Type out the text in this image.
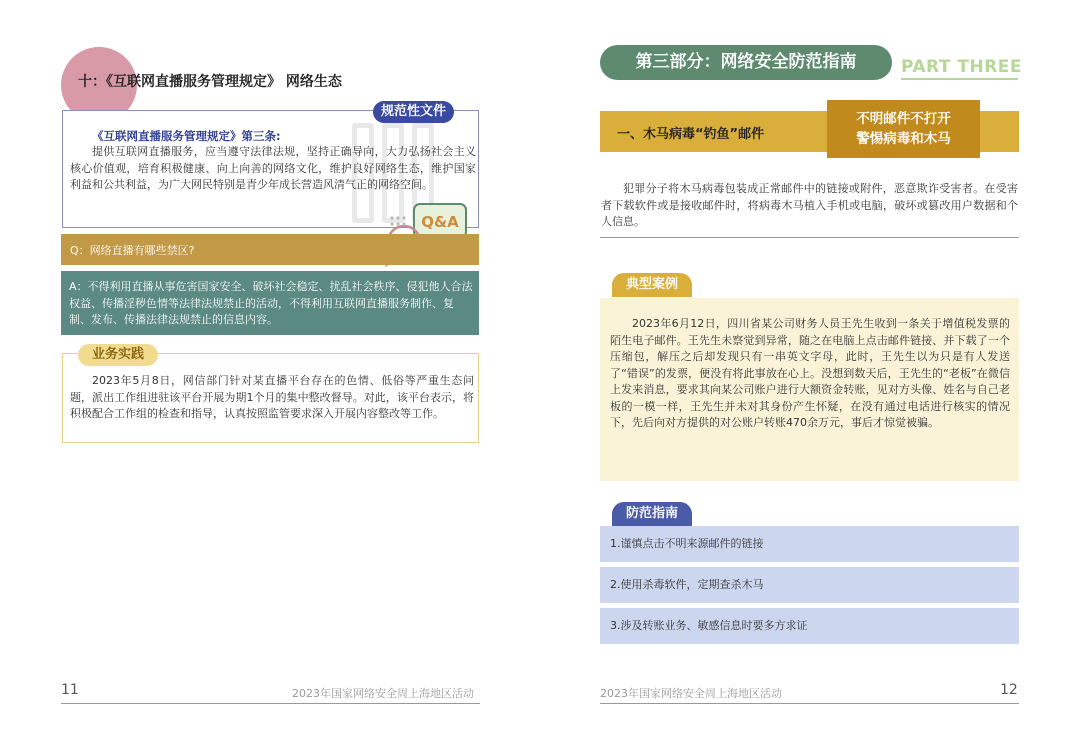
十：《互联网直播服务管理规定》 网络生态
规范性文件
《互联网直播服务管理规定》第三条:
提供互联网直播服务，应当遵守法律法规，坚持正确导向，大力弘扬社会主义核心价值观，培育积极健康、向上向善的网络文化，维护良好网络生态，维护国家利益和公共利益，为广大网民特别是青少年成长营造风清气正的网络空间。
Q&A
Q：网络直播有哪些禁区?
A：不得利用直播从事危害国家安全、破坏社会稳定、扰乱社会秩序、侵犯他人合法权益、传播淫秽色情等法律法规禁止的活动，不得利用互联网直播服务制作、复制、发布、传播法律法规禁止的信息内容。
业务实践
2023年5月8日，网信部门针对某直播平台存在的色情、低俗等严重生态问题，派出工作组进驻该平台开展为期1个月的集中整改督导。对此，该平台表示，将积极配合工作组的检查和指导，认真按照监管要求深入开展内容整改等工作。
11	2023年国家网络安全周上海地区活动
第三部分：网络安全防范指南	PART THREE
一、木马病毒“钓鱼”邮件
不明邮件不打开
警惕病毒和木马
犯罪分子将木马病毒包装成正常邮件中的链接或附件，恶意欺诈受害者。在受害者下载软件或是接收邮件时，将病毒木马植入手机或电脑，破坏或篡改用户数据和个人信息。
典型案例
2023年6月12日，四川省某公司财务人员王先生收到一条关于增值税发票的陌生电子邮件。王先生未察觉到异常，随之在电脑上点击邮件链接、并下载了一个压缩包，解压之后却发现只有一串英文字母，此时，王先生以为只是有人发送了“错误”的发票，便没有将此事放在心上。没想到数天后，王先生的“老板”在微信上发来消息，要求其向某公司账户进行大额资金转账，见对方头像、姓名与自己老板的一模一样，王先生并未对其身份产生怀疑，在没有通过电话进行核实的情况下，先后向对方提供的对公账户转账470余万元，事后才惊觉被骗。
防范指南
1.谨慎点击不明来源邮件的链接
2.使用杀毒软件，定期查杀木马
3.涉及转账业务、敏感信息时要多方求证
2023年国家网络安全周上海地区活动	12
